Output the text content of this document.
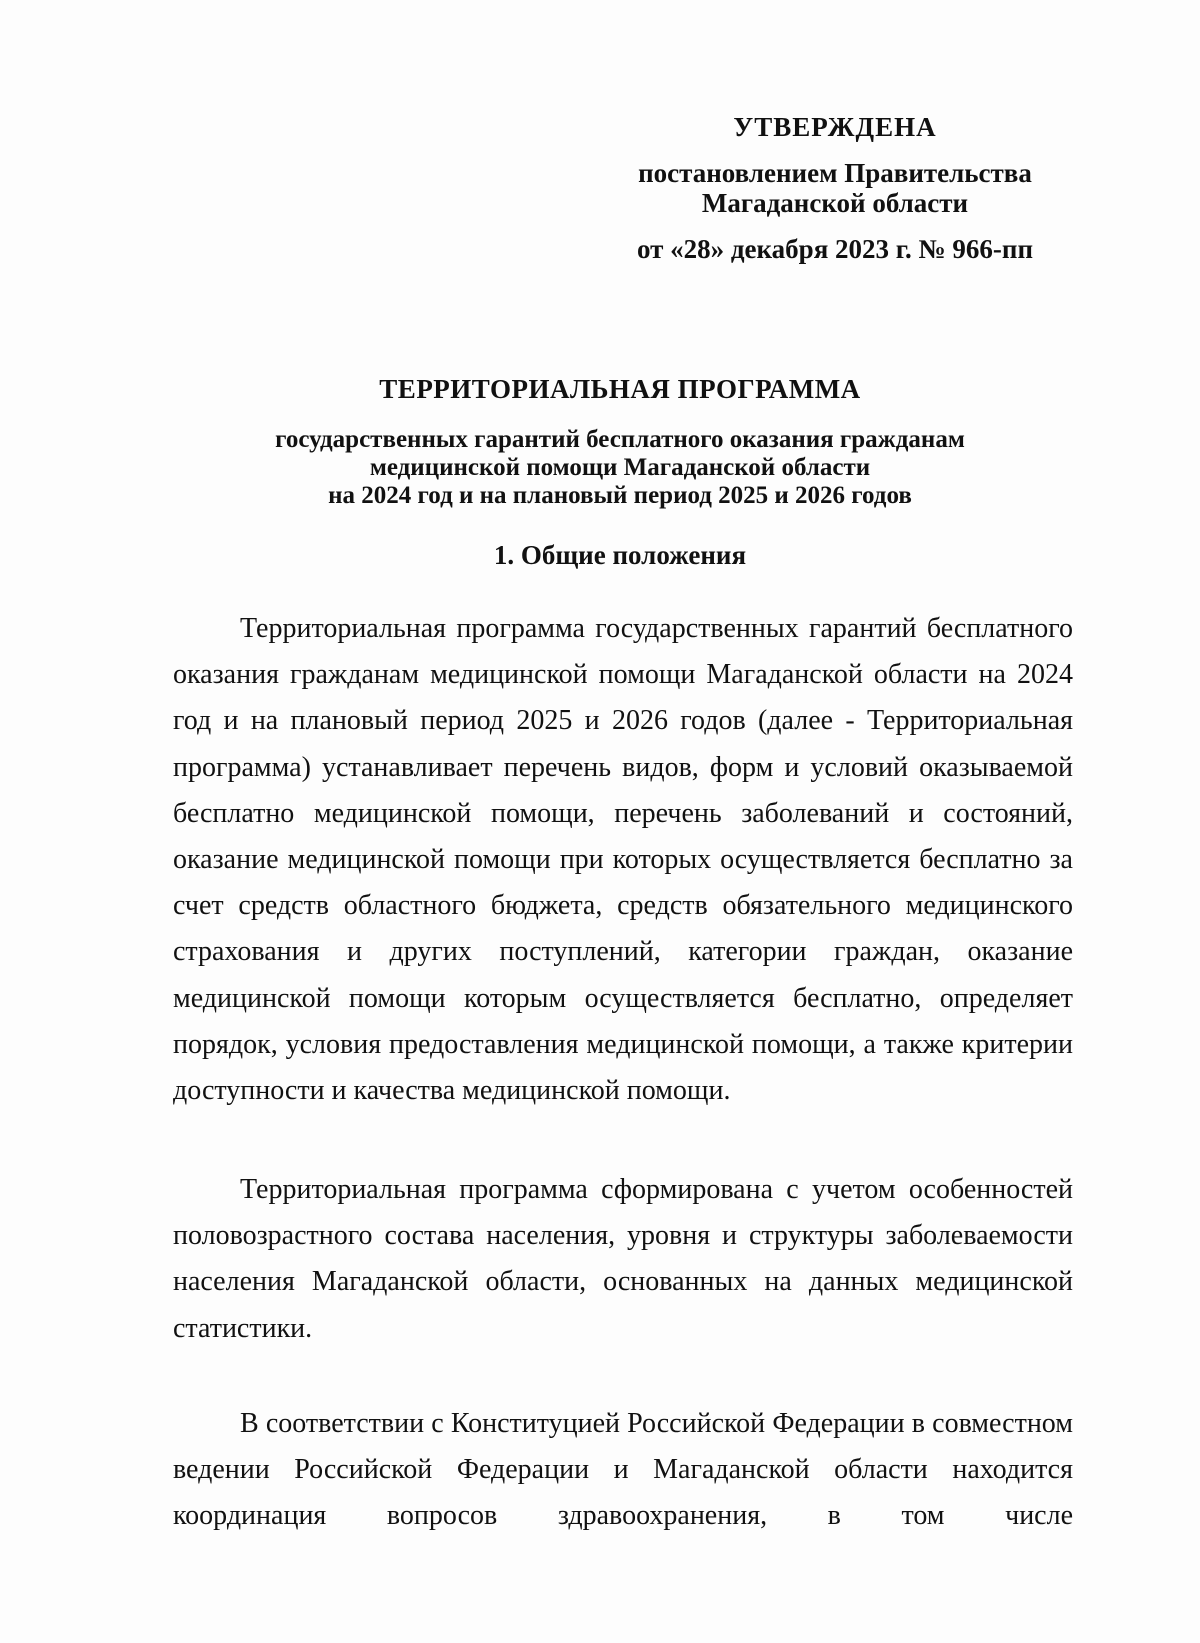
УТВЕРЖДЕНА
постановлением Правительства
Магаданской области
от «28» декабря 2023 г. № 966-пп
ТЕРРИТОРИАЛЬНАЯ ПРОГРАММА
государственных гарантий бесплатного оказания гражданам
медицинской помощи Магаданской области
на 2024 год и на плановый период 2025 и 2026 годов
1. Общие положения

Территориальная программа государственных гарантий бесплатного оказания гражданам медицинской помощи Магаданской области на 2024 год и на плановый период 2025 и 2026 годов (далее - Территориальная программа) устанавливает перечень видов, форм и условий оказываемой бесплатно медицинской помощи, перечень заболеваний и состояний, оказание медицинской помощи при которых осуществляется бесплатно за счет средств областного бюджета, средств обязательного медицинского страхования и других поступлений, категории граждан, оказание медицинской помощи которым осуществляется бесплатно, определяет порядок, условия предоставления медицинской помощи, а также критерии доступности и качества медицинской помощи.

Территориальная программа сформирована с учетом особенностей половозрастного состава населения, уровня и структуры заболеваемости населения Магаданской области, основанных на данных медицинской статистики.

В соответствии с Конституцией Российской Федерации в совместном ведении Российской Федерации и Магаданской области находится координация вопросов здравоохранения, в том числе
